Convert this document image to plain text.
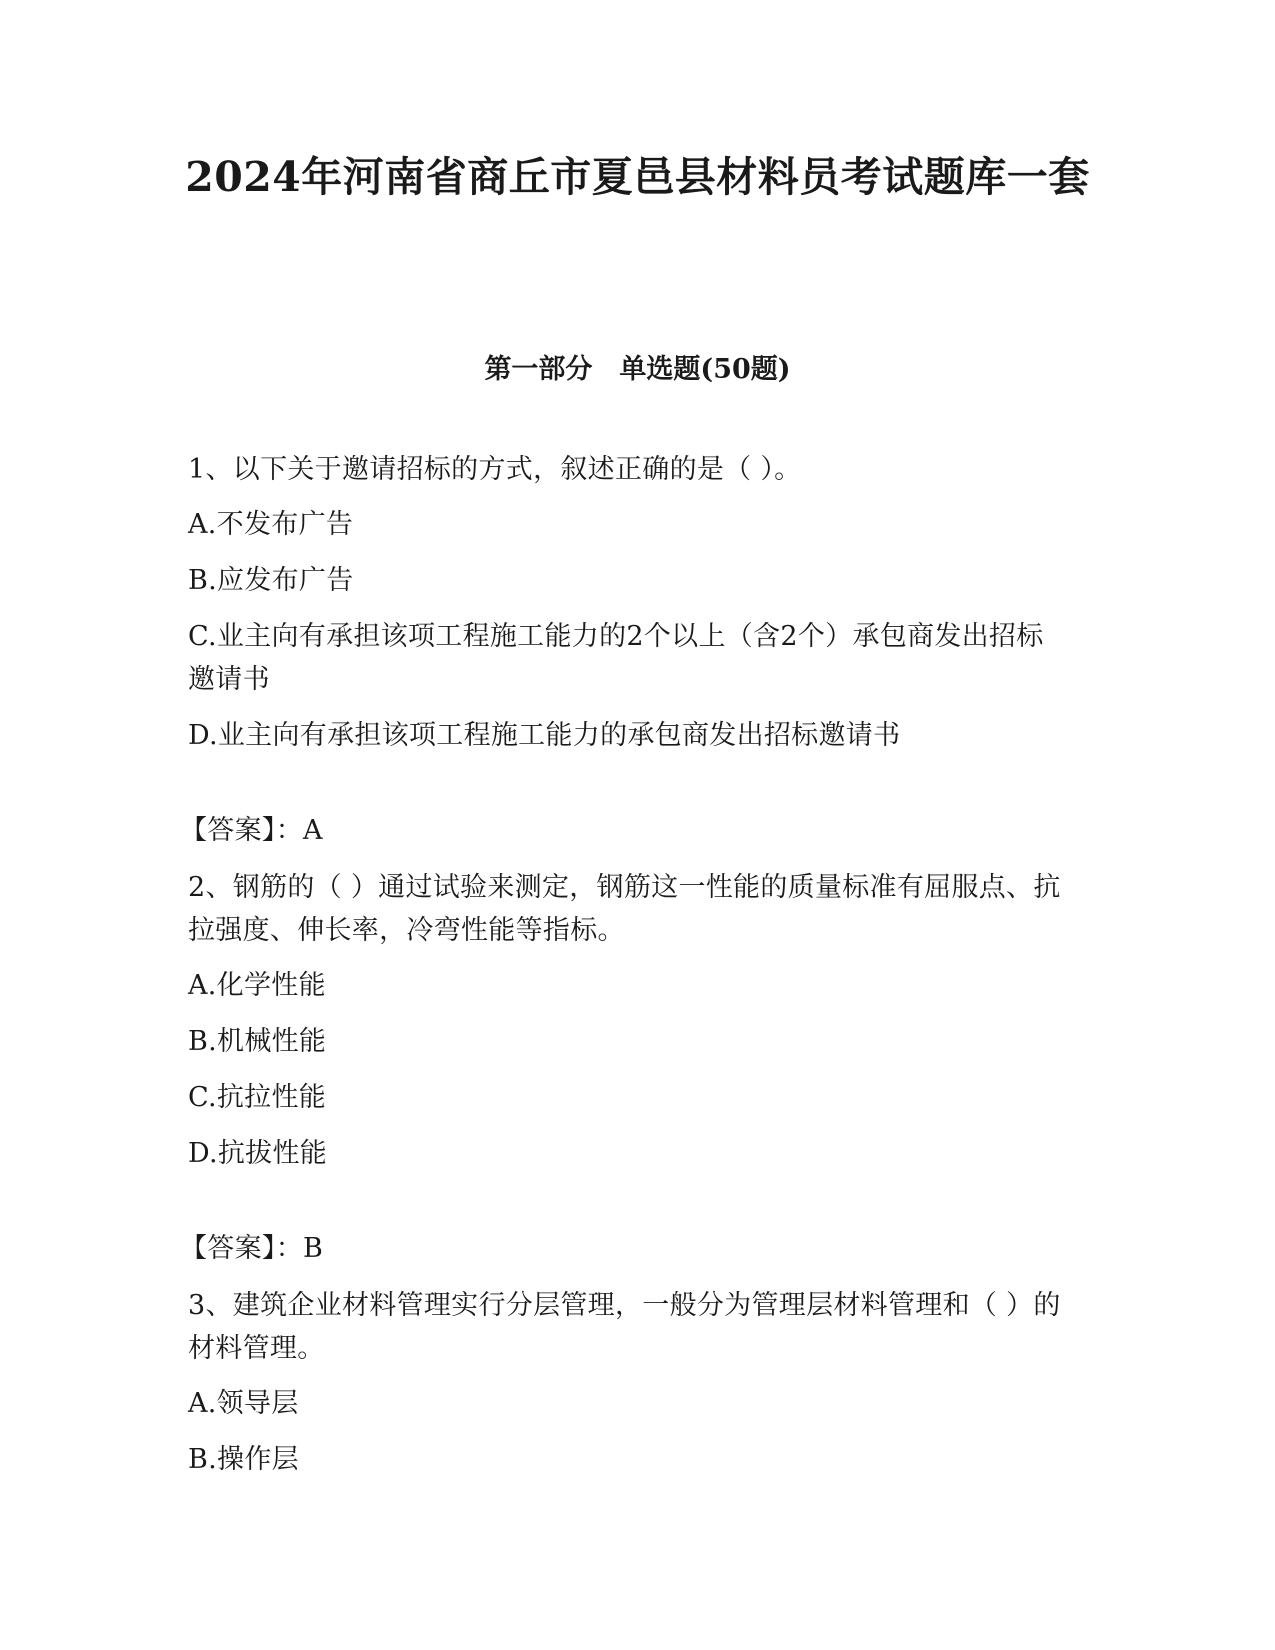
2024年河南省商丘市夏邑县材料员考试题库一套
第一部分　单选题(50题)

1、以下关于邀请招标的方式，叙述正确的是（ ）。

A.不发布广告

B.应发布广告

C.业主向有承担该项工程施工能力的2个以上（含2个）承包商发出招标邀请书

D.业主向有承担该项工程施工能力的承包商发出招标邀请书

【答案】：A

2、钢筋的（ ）通过试验来测定，钢筋这一性能的质量标准有屈服点、抗拉强度、伸长率，冷弯性能等指标。

A.化学性能

B.机械性能

C.抗拉性能

D.抗拔性能

【答案】：B

3、建筑企业材料管理实行分层管理，一般分为管理层材料管理和（ ）的材料管理。

A.领导层

B.操作层
